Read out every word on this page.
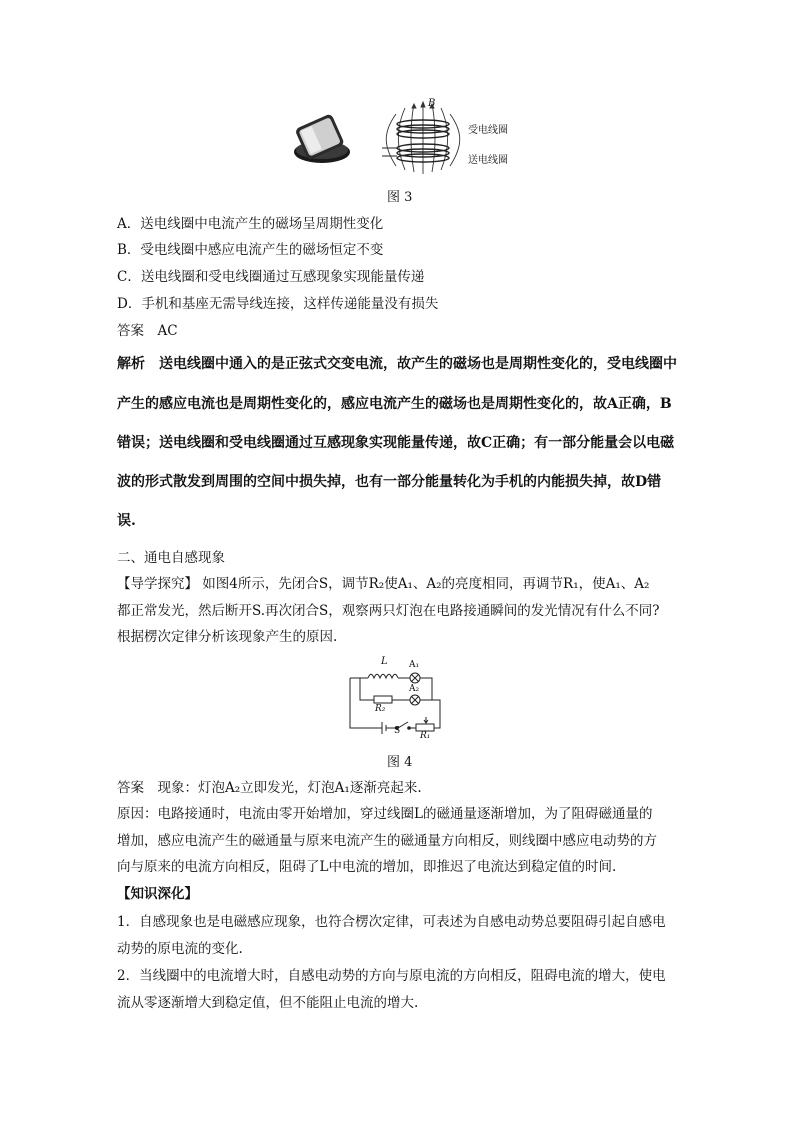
B
受电线圈
送电线圈
图 3
A．送电线圈中电流产生的磁场呈周期性变化
B．受电线圈中感应电流产生的磁场恒定不变
C．送电线圈和受电线圈通过互感现象实现能量传递
D．手机和基座无需导线连接，这样传递能量没有损失
答案　AC
解析　送电线圈中通入的是正弦式交变电流，故产生的磁场也是周期性变化的，受电线圈中
产生的感应电流也是周期性变化的，感应电流产生的磁场也是周期性变化的，故A正确，B
错误；送电线圈和受电线圈通过互感现象实现能量传递，故C正确；有一部分能量会以电磁
波的形式散发到周围的空间中损失掉，也有一部分能量转化为手机的内能损失掉，故D错
误.
二、通电自感现象
【导学探究】 如图4所示，先闭合S，调节R₂使A₁、A₂的亮度相同，再调节R₁，使A₁、A₂
都正常发光，然后断开S.再次闭合S，观察两只灯泡在电路接通瞬间的发光情况有什么不同?
根据楞次定律分析该现象产生的原因.
L A₁
A₂
R₂
S R₁
图 4
答案　现象：灯泡A₂立即发光，灯泡A₁逐渐亮起来.
原因：电路接通时，电流由零开始增加，穿过线圈L的磁通量逐渐增加，为了阻碍磁通量的
增加，感应电流产生的磁通量与原来电流产生的磁通量方向相反，则线圈中感应电动势的方
向与原来的电流方向相反，阻碍了L中电流的增加，即推迟了电流达到稳定值的时间.
【知识深化】
1．自感现象也是电磁感应现象，也符合楞次定律，可表述为自感电动势总要阻碍引起自感电
动势的原电流的变化.
2．当线圈中的电流增大时，自感电动势的方向与原电流的方向相反，阻碍电流的增大，使电
流从零逐渐增大到稳定值，但不能阻止电流的增大.
